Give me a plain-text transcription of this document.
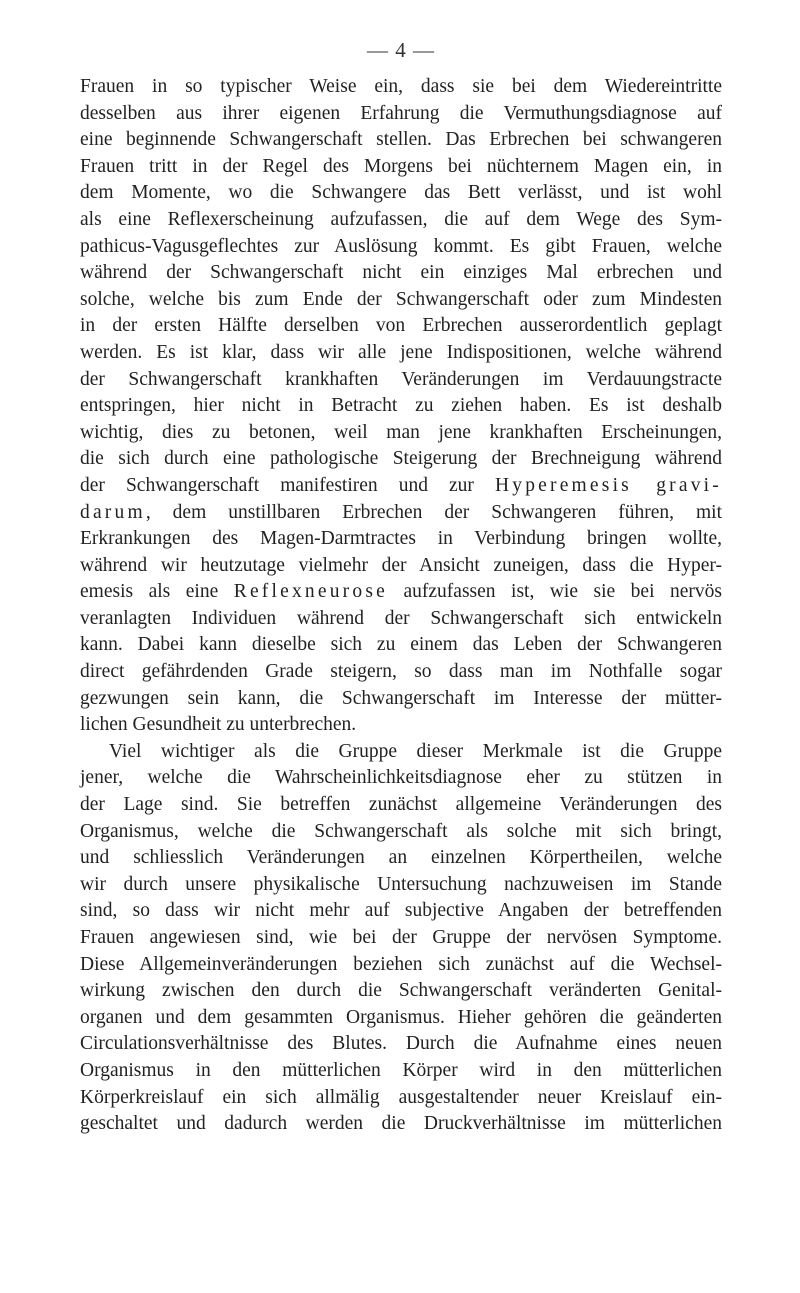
— 4 —
Frauen in so typischer Weise ein, dass sie bei dem Wiedereintritte
desselben aus ihrer eigenen Erfahrung die Vermuthungsdiagnose auf
eine beginnende Schwangerschaft stellen. Das Erbrechen bei schwangeren
Frauen tritt in der Regel des Morgens bei nüchternem Magen ein, in
dem Momente, wo die Schwangere das Bett verlässt, und ist wohl
als eine Reflexerscheinung aufzufassen, die auf dem Wege des Sym-
pathicus-Vagusgeflechtes zur Auslösung kommt. Es gibt Frauen, welche
während der Schwangerschaft nicht ein einziges Mal erbrechen und
solche, welche bis zum Ende der Schwangerschaft oder zum Mindesten
in der ersten Hälfte derselben von Erbrechen ausserordentlich geplagt
werden. Es ist klar, dass wir alle jene Indispositionen, welche während
der Schwangerschaft krankhaften Veränderungen im Verdauungstracte
entspringen, hier nicht in Betracht zu ziehen haben. Es ist deshalb
wichtig, dies zu betonen, weil man jene krankhaften Erscheinungen,
die sich durch eine pathologische Steigerung der Brechneigung während
der Schwangerschaft manifestiren und zur Hyperemesis gravi-
darum, dem unstillbaren Erbrechen der Schwangeren führen, mit
Erkrankungen des Magen-Darmtractes in Verbindung bringen wollte,
während wir heutzutage vielmehr der Ansicht zuneigen, dass die Hyper-
emesis als eine Reflexneurose aufzufassen ist, wie sie bei nervös
veranlagten Individuen während der Schwangerschaft sich entwickeln
kann. Dabei kann dieselbe sich zu einem das Leben der Schwangeren
direct gefährdenden Grade steigern, so dass man im Nothfalle sogar
gezwungen sein kann, die Schwangerschaft im Interesse der mütter-
lichen Gesundheit zu unterbrechen.
Viel wichtiger als die Gruppe dieser Merkmale ist die Gruppe
jener, welche die Wahrscheinlichkeitsdiagnose eher zu stützen in
der Lage sind. Sie betreffen zunächst allgemeine Veränderungen des
Organismus, welche die Schwangerschaft als solche mit sich bringt,
und schliesslich Veränderungen an einzelnen Körpertheilen, welche
wir durch unsere physikalische Untersuchung nachzuweisen im Stande
sind, so dass wir nicht mehr auf subjective Angaben der betreffenden
Frauen angewiesen sind, wie bei der Gruppe der nervösen Symptome.
Diese Allgemeinveränderungen beziehen sich zunächst auf die Wechsel-
wirkung zwischen den durch die Schwangerschaft veränderten Genital-
organen und dem gesammten Organismus. Hieher gehören die geänderten
Circulationsverhältnisse des Blutes. Durch die Aufnahme eines neuen
Organismus in den mütterlichen Körper wird in den mütterlichen
Körperkreislauf ein sich allmälig ausgestaltender neuer Kreislauf ein-
geschaltet und dadurch werden die Druckverhältnisse im mütterlichen
